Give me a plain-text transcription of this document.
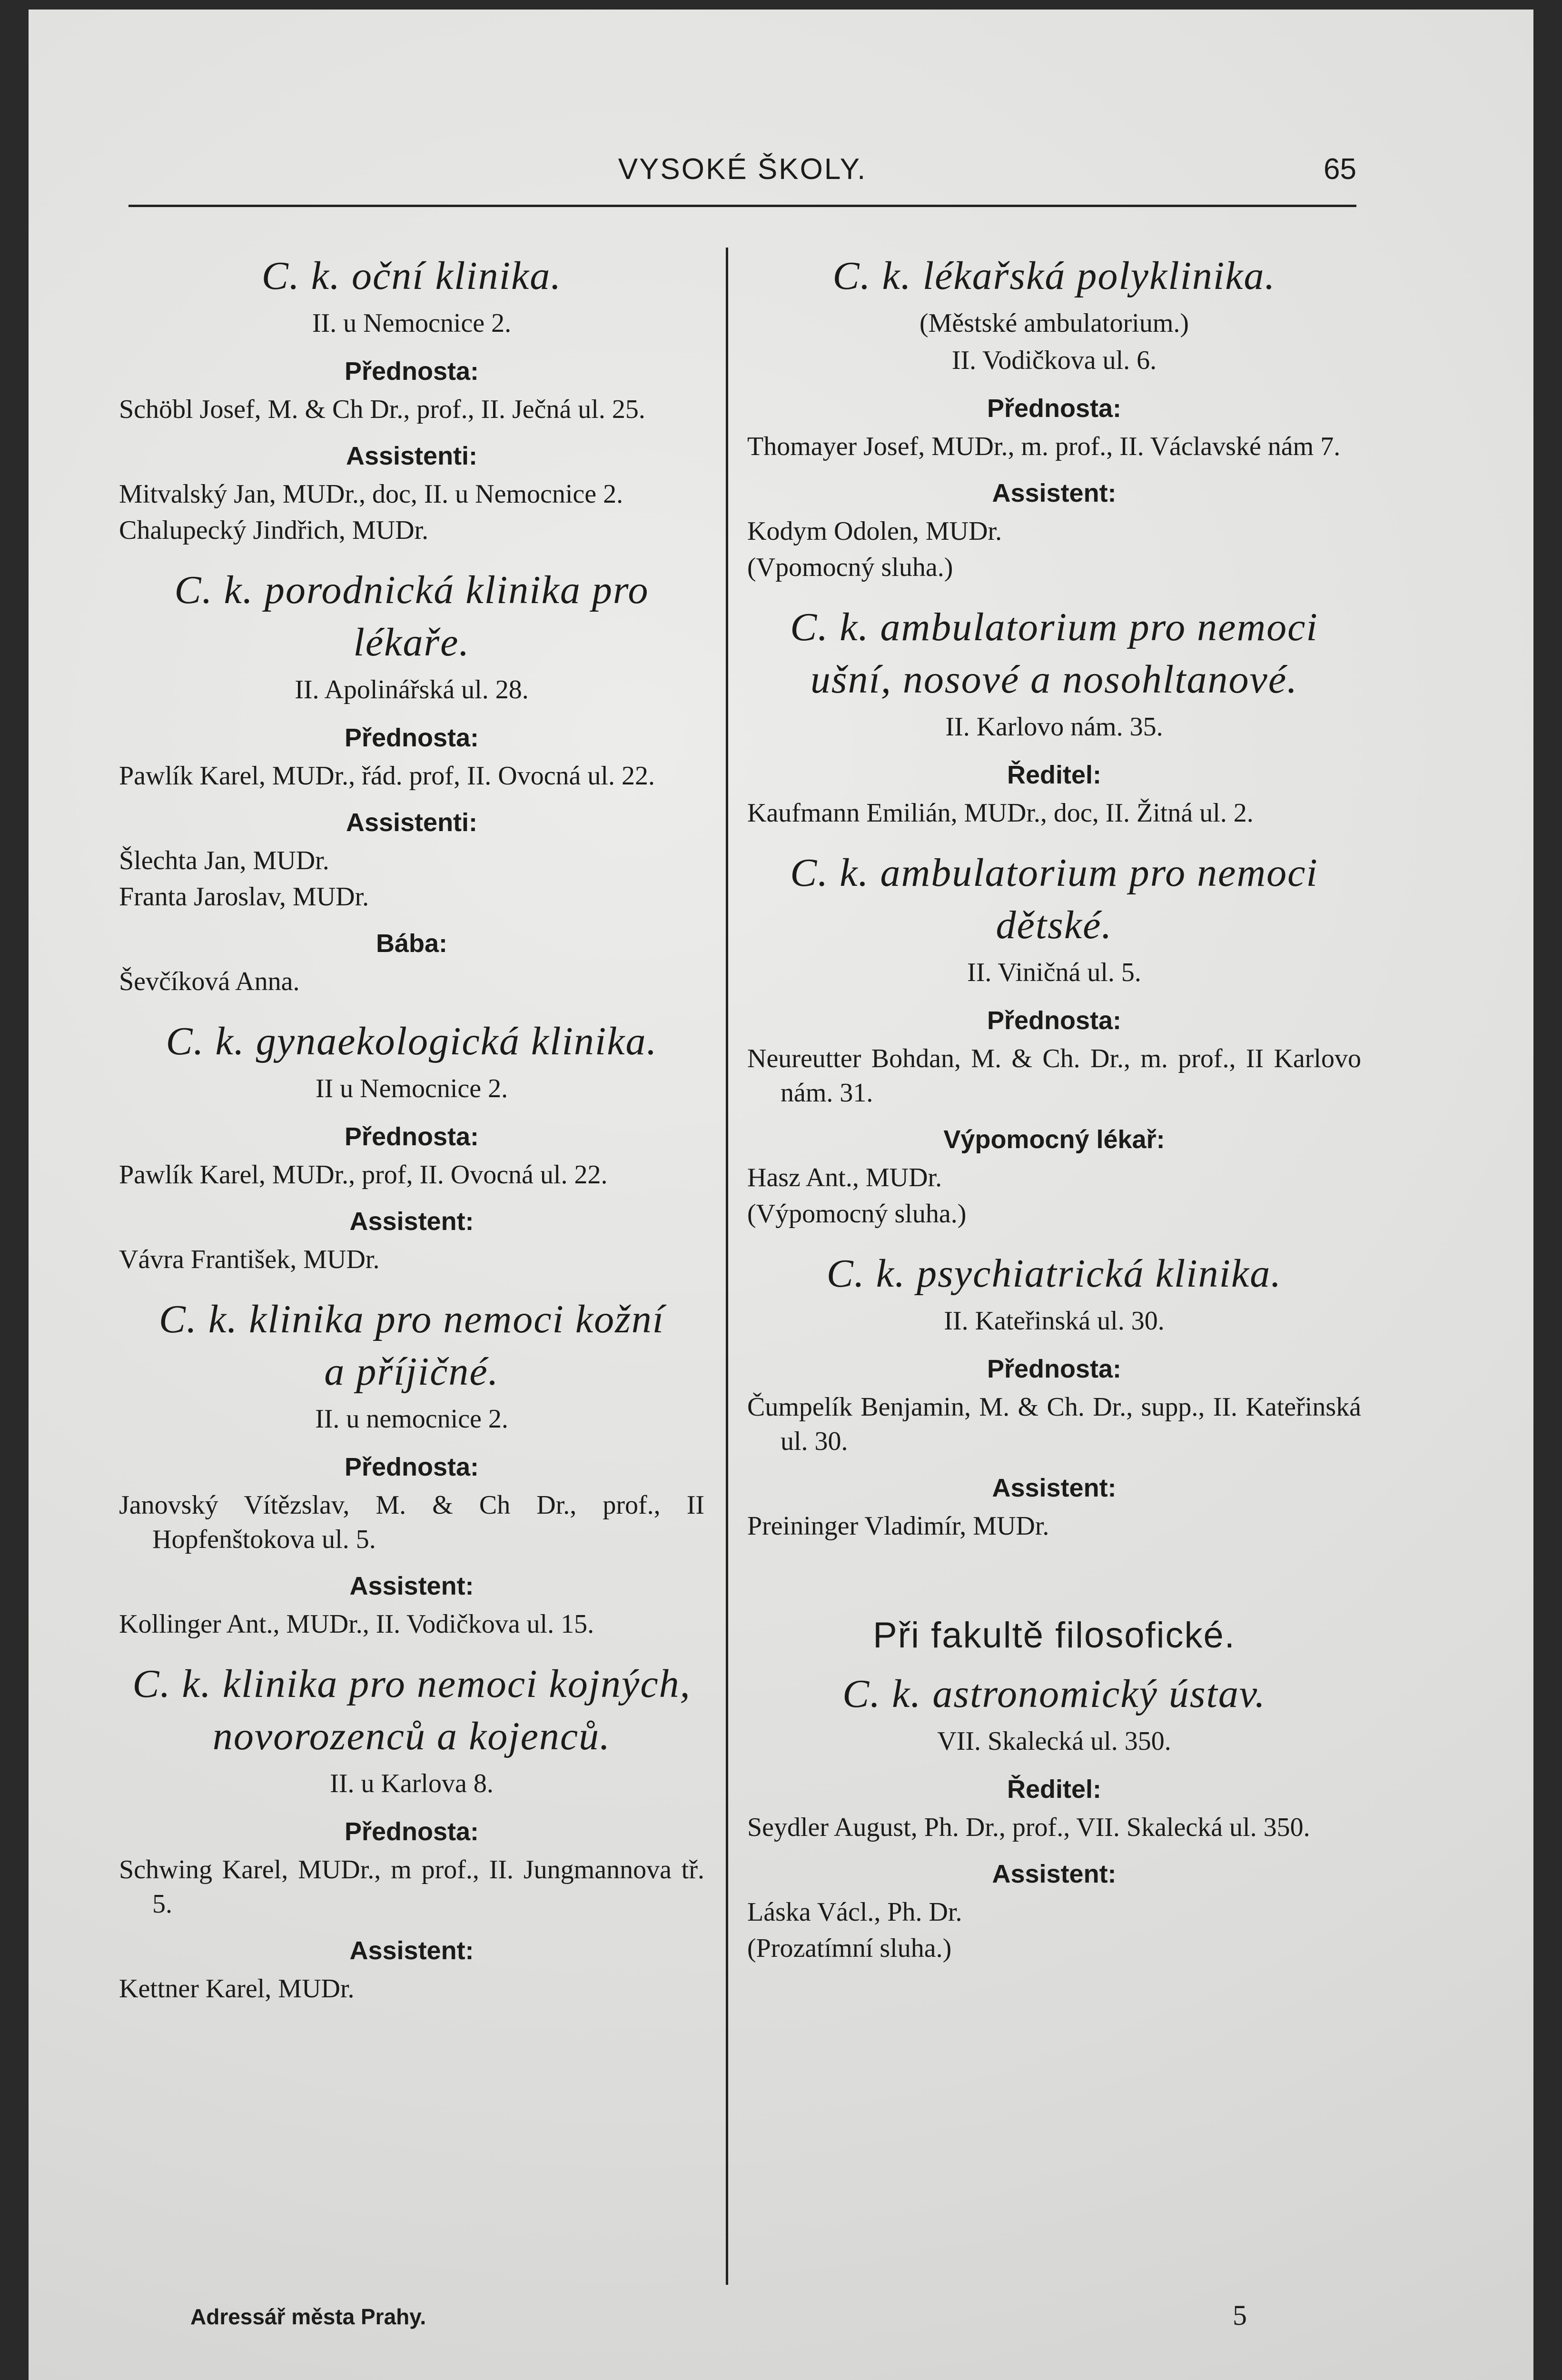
VYSOKÉ ŠKOLY.	65
C. k. oční klinika.
II. u Nemocnice 2.
Přednosta:
Schöbl Josef, M. & Ch Dr., prof., II. Ječná ul. 25.
Assistenti:
Mitvalský Jan, MUDr., doc, II. u Nemocnice 2.
Chalupecký Jindřich, MUDr.
C. k. porodnická klinika pro
lékaře.
II. Apolinářská ul. 28.
Přednosta:
Pawlík Karel, MUDr., řád. prof, II. Ovocná ul. 22.
Assistenti:
Šlechta Jan, MUDr.
Franta Jaroslav, MUDr.
Bába:
Ševčíková Anna.
C. k. gynaekologická klinika.
II u Nemocnice 2.
Přednosta:
Pawlík Karel, MUDr., prof, II. Ovocná ul. 22.
Assistent:
Vávra František, MUDr.
C. k. klinika pro nemoci kožní
a příjičné.
II. u nemocnice 2.
Přednosta:
Janovský Vítězslav, M. & Ch Dr., prof., II Hopfenštokova ul. 5.
Assistent:
Kollinger Ant., MUDr., II. Vodičkova ul. 15.
C. k. klinika pro nemoci kojných,
novorozenců a kojenců.
II. u Karlova 8.
Přednosta:
Schwing Karel, MUDr., m prof., II. Jungmannova tř. 5.
Assistent:
Kettner Karel, MUDr.
C. k. lékařská polyklinika.
(Městské ambulatorium.)
II. Vodičkova ul. 6.
Přednosta:
Thomayer Josef, MUDr., m. prof., II. Václavské nám 7.
Assistent:
Kodym Odolen, MUDr.
(Vpomocný sluha.)
C. k. ambulatorium pro nemoci
ušní, nosové a nosohltanové.
II. Karlovo nám. 35.
Ředitel:
Kaufmann Emilián, MUDr., doc, II. Žitná ul. 2.
C. k. ambulatorium pro nemoci
dětské.
II. Viničná ul. 5.
Přednosta:
Neureutter Bohdan, M. & Ch. Dr., m. prof., II Karlovo nám. 31.
Výpomocný lékař:
Hasz Ant., MUDr.
(Výpomocný sluha.)
C. k. psychiatrická klinika.
II. Kateřinská ul. 30.
Přednosta:
Čumpelík Benjamin, M. & Ch. Dr., supp., II. Kateřinská ul. 30.
Assistent:
Preininger Vladimír, MUDr.
Při fakultě filosofické.
C. k. astronomický ústav.
VII. Skalecká ul. 350.
Ředitel:
Seydler August, Ph. Dr., prof., VII. Skalecká ul. 350.
Assistent:
Láska Václ., Ph. Dr.
(Prozatímní sluha.)
Adressář města Prahy.	5
